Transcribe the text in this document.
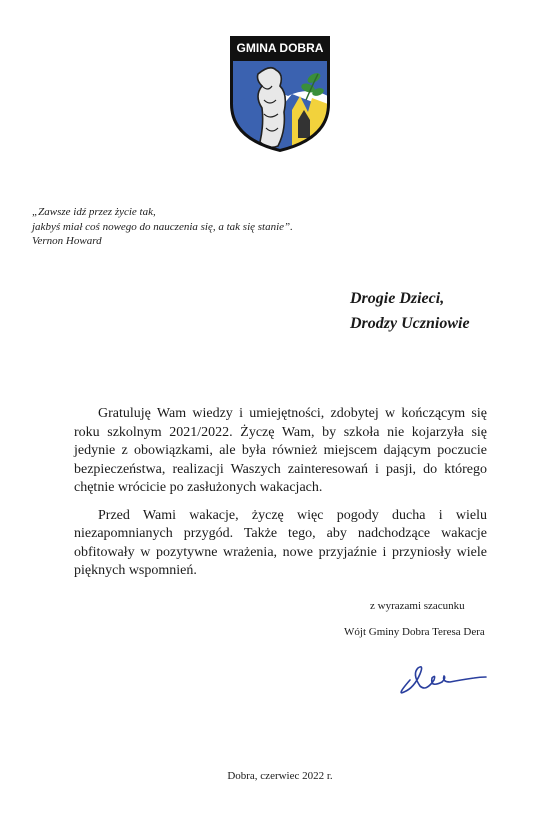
GMINA DOBRA
„Zawsze idź przez życie tak,
jakbyś miał coś nowego do nauczenia się, a tak się stanie”.
Vernon Howard
Drogie Dzieci,
Drodzy Uczniowie

Gratuluję Wam wiedzy i umiejętności, zdobytej w kończącym się roku szkolnym 2021/2022. Życzę Wam, by szkoła nie kojarzyła się jedynie z obowiązkami, ale była również miejscem dającym poczucie bezpieczeństwa, realizacji Waszych zainteresowań i pasji, do którego chętnie wrócicie po zasłużonych wakacjach.

Przed Wami wakacje, życzę więc pogody ducha i wielu niezapomnianych przygód. Także tego, aby nadchodzące wakacje obfitowały w pozytywne wrażenia, nowe przyjaźnie i przyniosły wiele pięknych wspomnień.

z wyrazami szacunku
Wójt Gminy Dobra Teresa Dera
Dobra, czerwiec 2022 r.
